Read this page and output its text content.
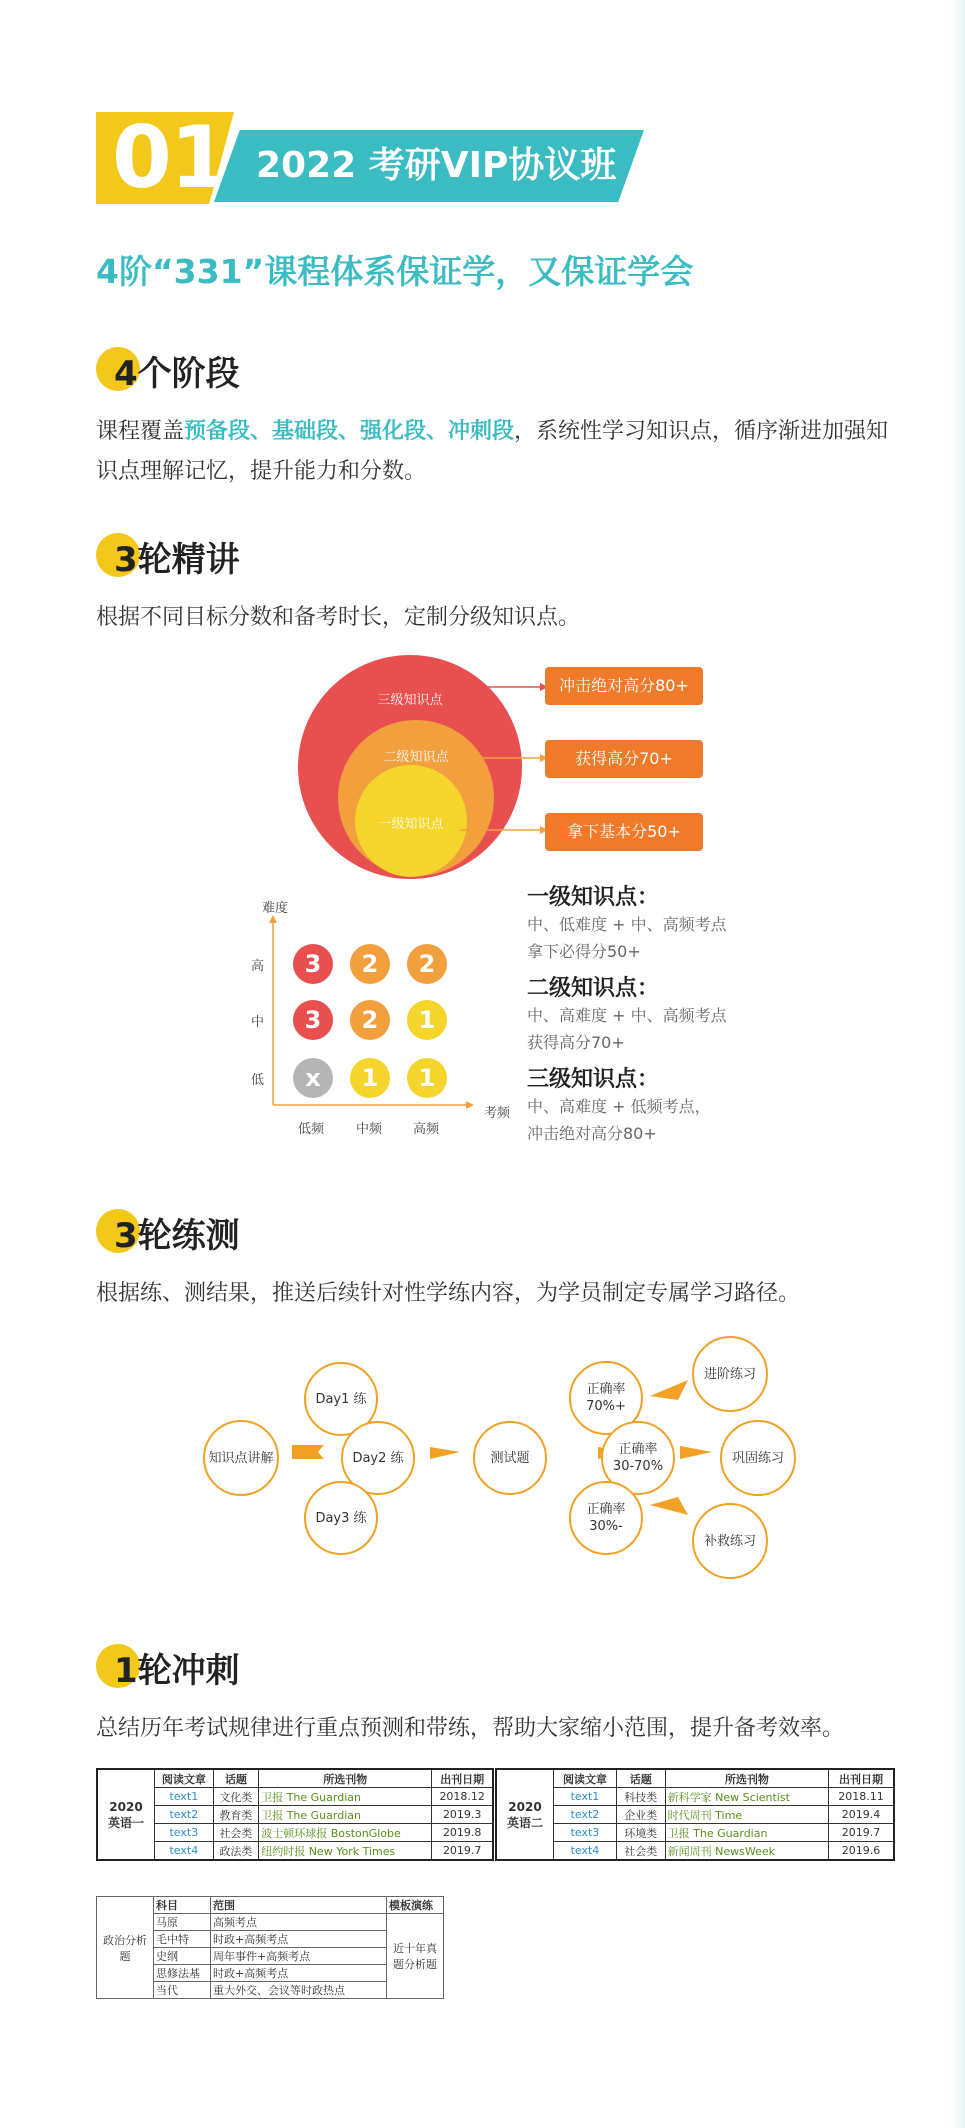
01 2022 考研VIP协议班
4阶“331”课程体系保证学，又保证学会
4个阶段
课程覆盖预备段、基础段、强化段、冲刺段，系统性学习知识点，循序渐进加强知识点理解记忆，提升能力和分数。
3轮精讲
根据不同目标分数和备考时长，定制分级知识点。
三级知识点
二级知识点
一级知识点
冲击绝对高分80+
获得高分70+
拿下基本分50+
难度
考频
高
中
低
低频 中频 高频
3	2	2
3	2	1
x	1	1
一级知识点：
中、低难度 + 中、高频考点
拿下必得分50+
二级知识点：
中、高难度 + 中、高频考点
获得高分70+
三级知识点：
中、高难度 + 低频考点，
冲击绝对高分80+
3轮练测
根据练、测结果，推送后续针对性学练内容，为学员制定专属学习路径。
知识点讲解
Day1 练
Day2 练
Day3 练
测试题
正确率
70%+
正确率
30-70%
正确率
30%-
进阶练习
巩固练习
补救练习
1轮冲刺
总结历年考试规律进行重点预测和带练，帮助大家缩小范围，提升备考效率。
2020
英语一	阅读文章	话题	所选刊物	出刊日期
	text1	文化类	卫报 The Guardian	2018.12
	text2	教育类	卫报 The Guardian	2019.3
	text3	社会类	波士顿环球报 BostonGlobe	2019.8
	text4	政法类	纽约时报 New York Times	2019.7
2020
英语二	阅读文章	话题	所选刊物	出刊日期
	text1	科技类	新科学家 New Scientist	2018.11
	text2	企业类	时代周刊 Time	2019.4
	text3	环境类	卫报 The Guardian	2019.7
	text4	社会类	新闻周刊 NewsWeek	2019.6
政治分析题	科目	范围	模板演练
	马原	高频考点	近十年真题分析题
	毛中特	时政+高频考点	
	史纲	周年事件+高频考点	
	思修法基	时政+高频考点	
	当代	重大外交、会议等时政热点	
